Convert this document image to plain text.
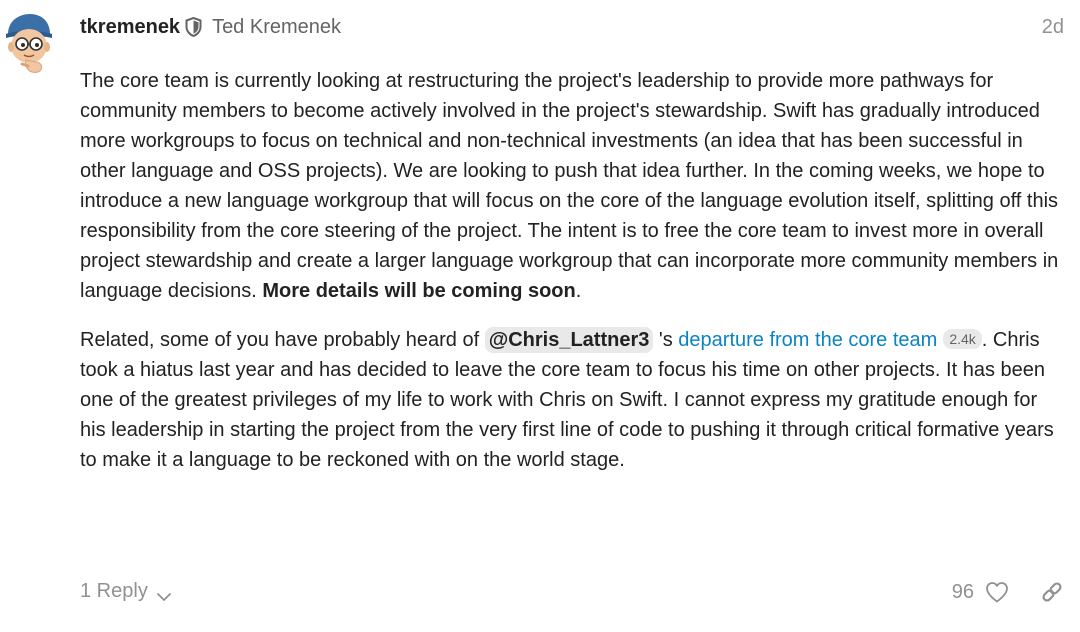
tkremenek Ted Kremenek	2d

The core team is currently looking at restructuring the project's leadership to provide more pathways for community members to become actively involved in the project's stewardship. Swift has gradually introduced more workgroups to focus on technical and non-technical investments (an idea that has been successful in other language and OSS projects). We are looking to push that idea further. In the coming weeks, we hope to introduce a new language workgroup that will focus on the core of the language evolution itself, splitting off this responsibility from the core steering of the project. The intent is to free the core team to invest more in overall project stewardship and create a larger language workgroup that can incorporate more community members in language decisions. More details will be coming soon.

Related, some of you have probably heard of @Chris_Lattner3 's departure from the core team 2.4k . Chris took a hiatus last year and has decided to leave the core team to focus his time on other projects. It has been one of the greatest privileges of my life to work with Chris on Swift. I cannot express my gratitude enough for his leadership in starting the project from the very first line of code to pushing it through critical formative years to make it a language to be reckoned with on the world stage.

1 Reply	96
